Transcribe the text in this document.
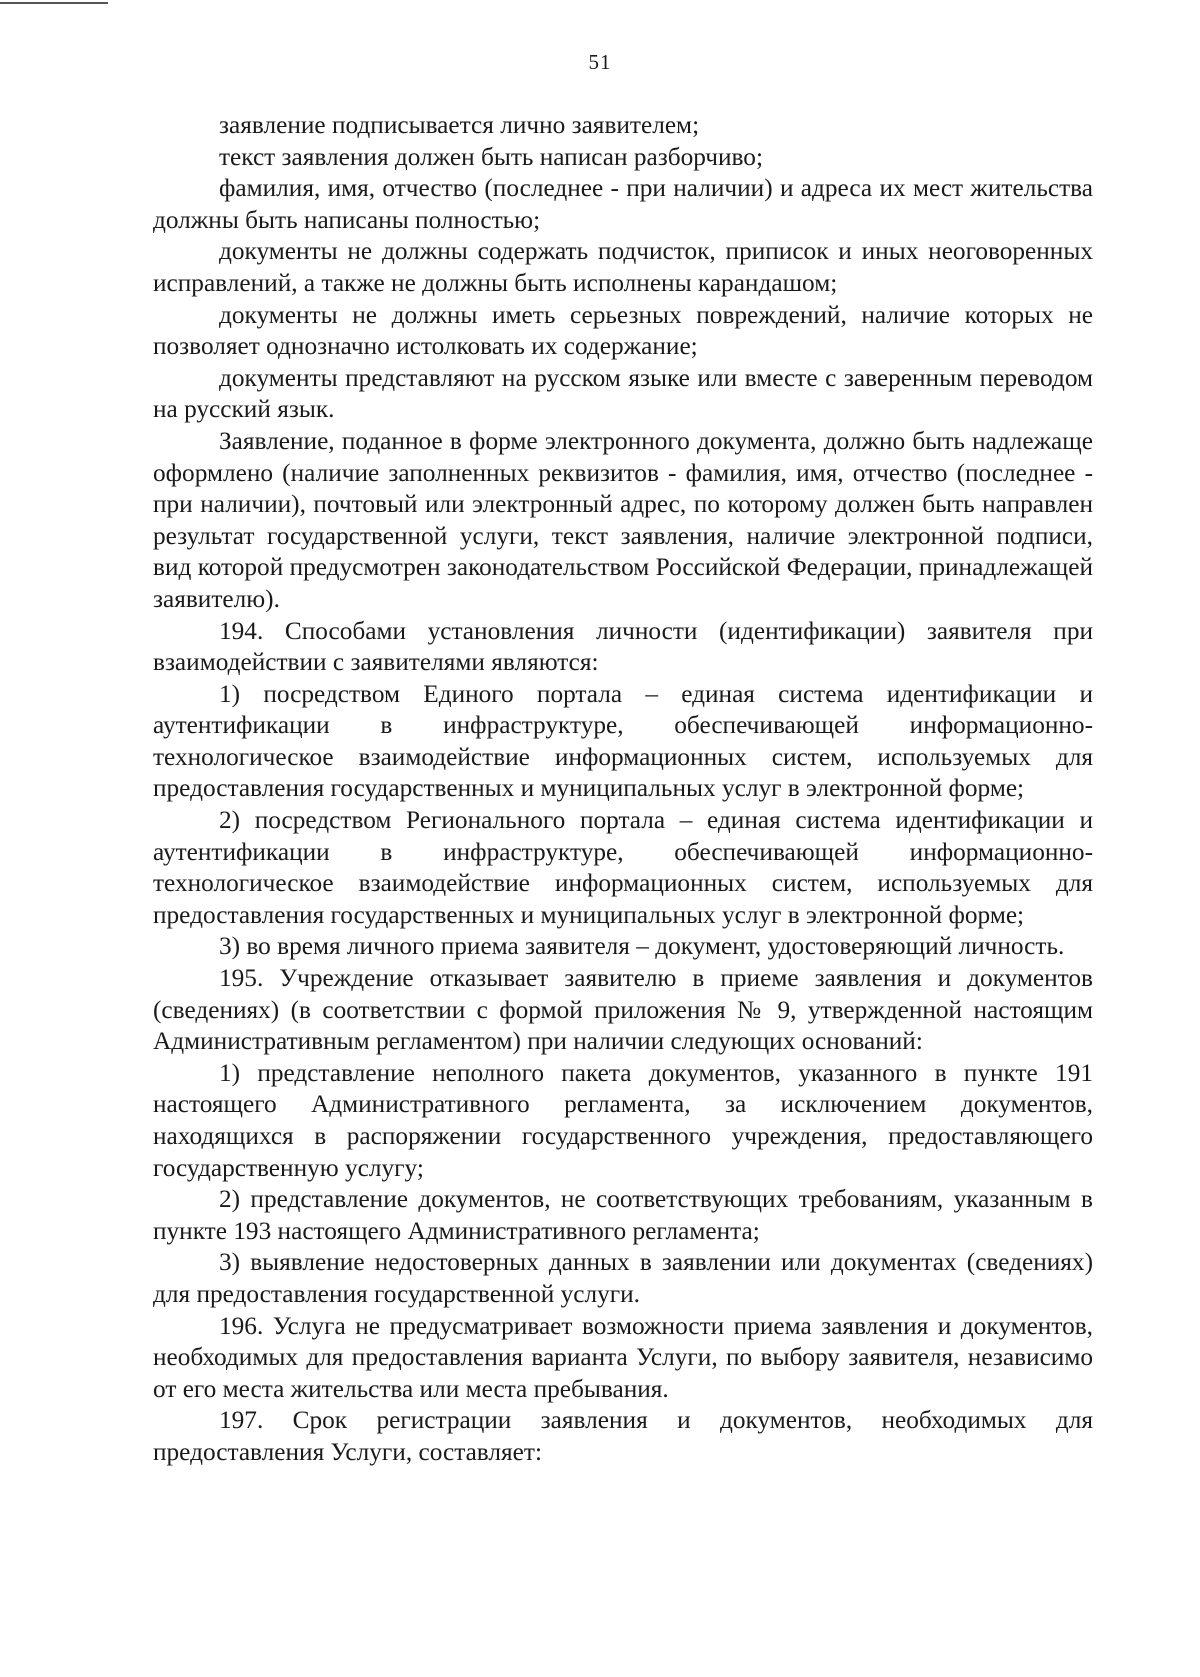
51

заявление подписывается лично заявителем;

текст заявления должен быть написан разборчиво;

фамилия, имя, отчество (последнее - при наличии) и адреса их мест жительства должны быть написаны полностью;

документы не должны содержать подчисток, приписок и иных неоговоренных исправлений, а также не должны быть исполнены карандашом;

документы не должны иметь серьезных повреждений, наличие которых не позволяет однозначно истолковать их содержание;

документы представляют на русском языке или вместе с заверенным переводом на русский язык.

Заявление, поданное в форме электронного документа, должно быть надлежаще оформлено (наличие заполненных реквизитов - фамилия, имя, отчество (последнее - при наличии), почтовый или электронный адрес, по которому должен быть направлен результат государственной услуги, текст заявления, наличие электронной подписи, вид которой предусмотрен законодательством Российской Федерации, принадлежащей заявителю).

194. Способами установления личности (идентификации) заявителя при взаимодействии с заявителями являются:

1) посредством Единого портала – единая система идентификации и аутентификации в инфраструктуре, обеспечивающей информационно-технологическое взаимодействие информационных систем, используемых для предоставления государственных и муниципальных услуг в электронной форме;

2) посредством Регионального портала – единая система идентификации и аутентификации в инфраструктуре, обеспечивающей информационно-технологическое взаимодействие информационных систем, используемых для предоставления государственных и муниципальных услуг в электронной форме;

3) во время личного приема заявителя – документ, удостоверяющий личность.

195. Учреждение отказывает заявителю в приеме заявления и документов (сведениях) (в соответствии с формой приложения № 9, утвержденной настоящим Административным регламентом) при наличии следующих оснований:

1) представление неполного пакета документов, указанного в пункте 191 настоящего Административного регламента, за исключением документов, находящихся в распоряжении государственного учреждения, предоставляющего государственную услугу;

2) представление документов, не соответствующих требованиям, указанным в пункте 193 настоящего Административного регламента;

3) выявление недостоверных данных в заявлении или документах (сведениях) для предоставления государственной услуги.

196. Услуга не предусматривает возможности приема заявления и документов, необходимых для предоставления варианта Услуги, по выбору заявителя, независимо от его места жительства или места пребывания.

197. Срок регистрации заявления и документов, необходимых для предоставления Услуги, составляет:
